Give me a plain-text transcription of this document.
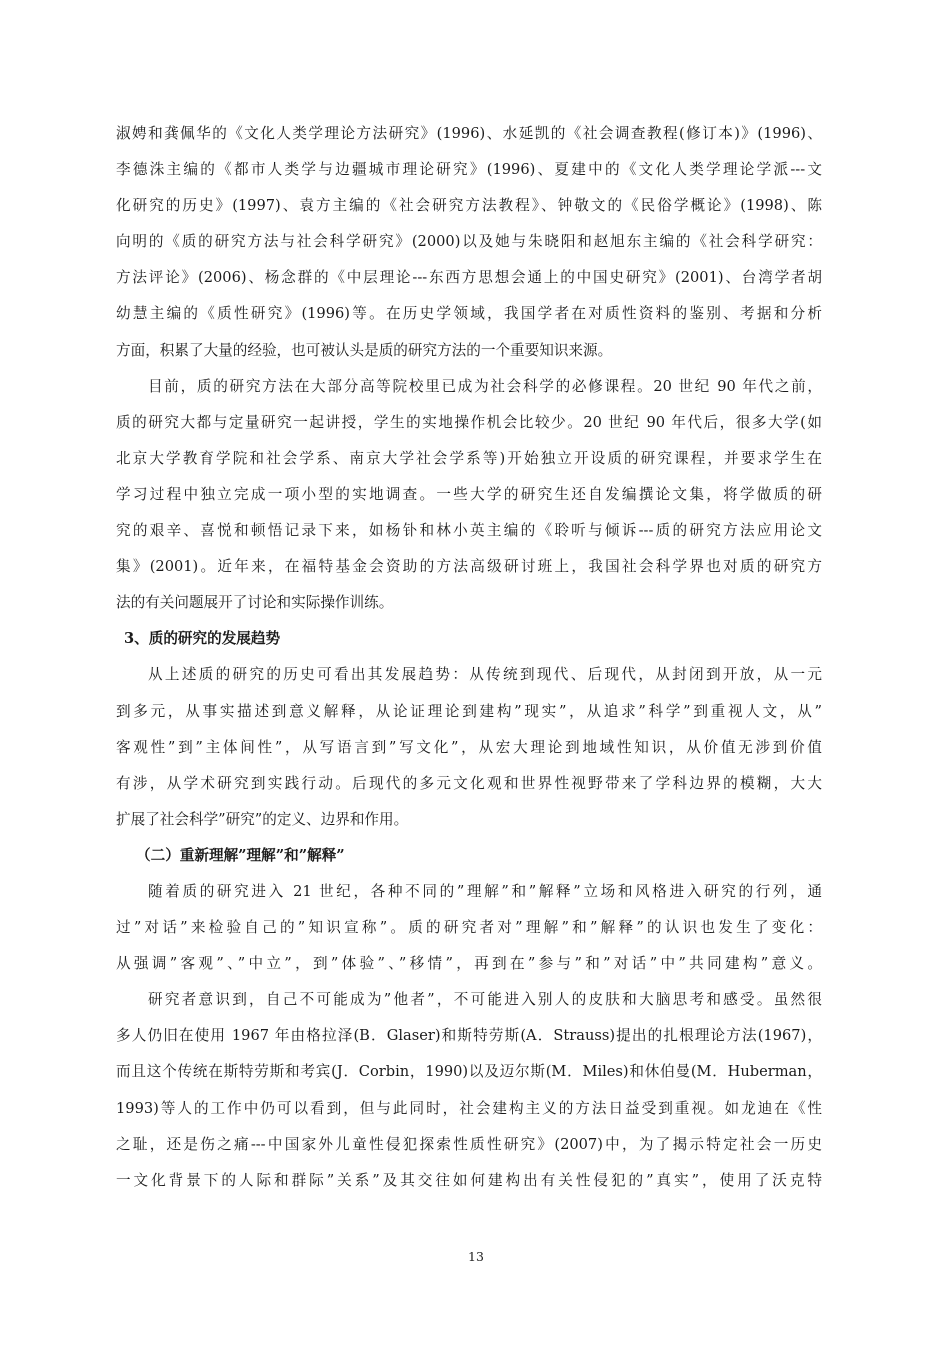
淑娉和龚佩华的《文化人类学理论方法研究》(1996)、水延凯的《社会调查教程(修订本)》(1996)、
李德洙主编的《都市人类学与边疆城市理论研究》(1996)、夏建中的《文化人类学理论学派---文
化研究的历史》(1997)、袁方主编的《社会研究方法教程》、钟敬文的《民俗学概论》(1998)、陈
向明的《质的研究方法与社会科学研究》(2000)以及她与朱晓阳和赵旭东主编的《社会科学研究：
方法评论》(2006)、杨念群的《中层理论---东西方思想会通上的中国史研究》(2001)、台湾学者胡
幼慧主编的《质性研究》(1996)等。在历史学领域，我国学者在对质性资料的鉴别、考据和分析
方面，积累了大量的经验，也可被认头是质的研究方法的一个重要知识来源。
目前，质的研究方法在大部分高等院校里已成为社会科学的必修课程。20 世纪 90 年代之前，
质的研究大都与定量研究一起讲授，学生的实地操作机会比较少。20 世纪 90 年代后，很多大学(如
北京大学教育学院和社会学系、南京大学社会学系等)开始独立开设质的研究课程，并要求学生在
学习过程中独立完成一项小型的实地调查。一些大学的研究生还自发编撰论文集，将学做质的研
究的艰辛、喜悦和顿悟记录下来，如杨钋和林小英主编的《聆听与倾诉---质的研究方法应用论文
集》(2001)。近年来，在福特基金会资助的方法高级研讨班上，我国社会科学界也对质的研究方
法的有关问题展开了讨论和实际操作训练。
3、质的研究的发展趋势
从上述质的研究的历史可看出其发展趋势：从传统到现代、后现代，从封闭到开放，从一元
到多元，从事实描述到意义解释，从论证理论到建构”现实”，从追求”科学”到重视人文，从”
客观性”到”主体间性”，从写语言到”写文化”，从宏大理论到地域性知识，从价值无涉到价值
有涉，从学术研究到实践行动。后现代的多元文化观和世界性视野带来了学科边界的模糊，大大
扩展了社会科学”研究”的定义、边界和作用。
（二）重新理解”理解”和”解释”
随着质的研究进入 21 世纪，各种不同的”理解”和”解释”立场和风格进入研究的行列，通
过”对话”来检验自己的”知识宣称”。质的研究者对”理解”和”解释”的认识也发生了变化：
从强调”客观”、”中立”，到”体验”、”移情”，再到在”参与”和”对话”中”共同建构”意义。
研究者意识到，自己不可能成为”他者”，不可能进入别人的皮肤和大脑思考和感受。虽然很
多人仍旧在使用 1967 年由格拉泽(B．Glaser)和斯特劳斯(A．Strauss)提出的扎根理论方法(1967)，
而且这个传统在斯特劳斯和考宾(J．Corbin，1990)以及迈尔斯(M．Miles)和休伯曼(M．Huberman，
1993)等人的工作中仍可以看到，但与此同时，社会建构主义的方法日益受到重视。如龙迪在《性
之耻，还是伤之痛---中国家外儿童性侵犯探索性质性研究》(2007)中，为了揭示特定社会一历史
一文化背景下的人际和群际”关系”及其交往如何建构出有关性侵犯的”真实”，使用了沃克特
13
